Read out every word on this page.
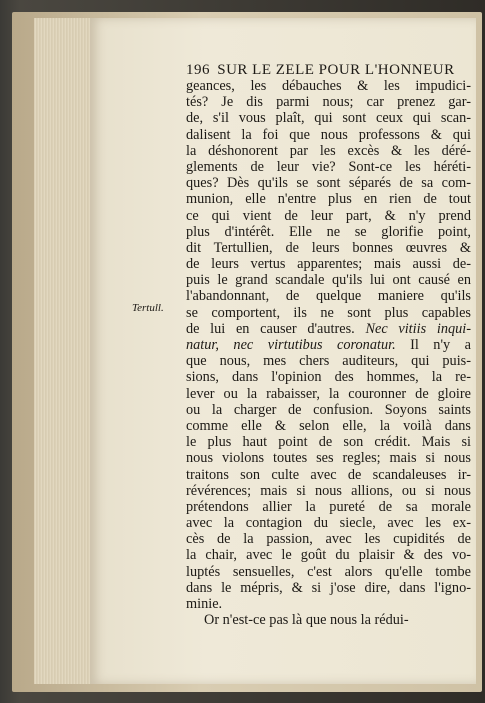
196 SUR LE ZELE POUR L'HONNEUR
Tertull.
geances, les débauches & les impudici-
tés? Je dis parmi nous; car prenez gar-
de, s'il vous plaît, qui sont ceux qui scan-
dalisent la foi que nous professons & qui
la déshonorent par les excès & les déré-
glements de leur vie? Sont-ce les héréti-
ques? Dès qu'ils se sont séparés de sa com-
munion, elle n'entre plus en rien de tout
ce qui vient de leur part, & n'y prend
plus d'intérêt. Elle ne se glorifie point,
dit Tertullien, de leurs bonnes œuvres &
de leurs vertus apparentes; mais aussi de-
puis le grand scandale qu'ils lui ont causé en
l'abandonnant, de quelque maniere qu'ils
se comportent, ils ne sont plus capables
de lui en causer d'autres. Nec vitiis inqui-
natur, nec virtutibus coronatur. Il n'y a
que nous, mes chers auditeurs, qui puis-
sions, dans l'opinion des hommes, la re-
lever ou la rabaisser, la couronner de gloire
ou la charger de confusion. Soyons saints
comme elle & selon elle, la voilà dans
le plus haut point de son crédit. Mais si
nous violons toutes ses regles; mais si nous
traitons son culte avec de scandaleuses ir-
révérences; mais si nous allions, ou si nous
prétendons allier la pureté de sa morale
avec la contagion du siecle, avec les ex-
cès de la passion, avec les cupidités de
la chair, avec le goût du plaisir & des vo-
luptés sensuelles, c'est alors qu'elle tombe
dans le mépris, & si j'ose dire, dans l'igno-
minie.
Or n'est-ce pas là que nous la rédui-
